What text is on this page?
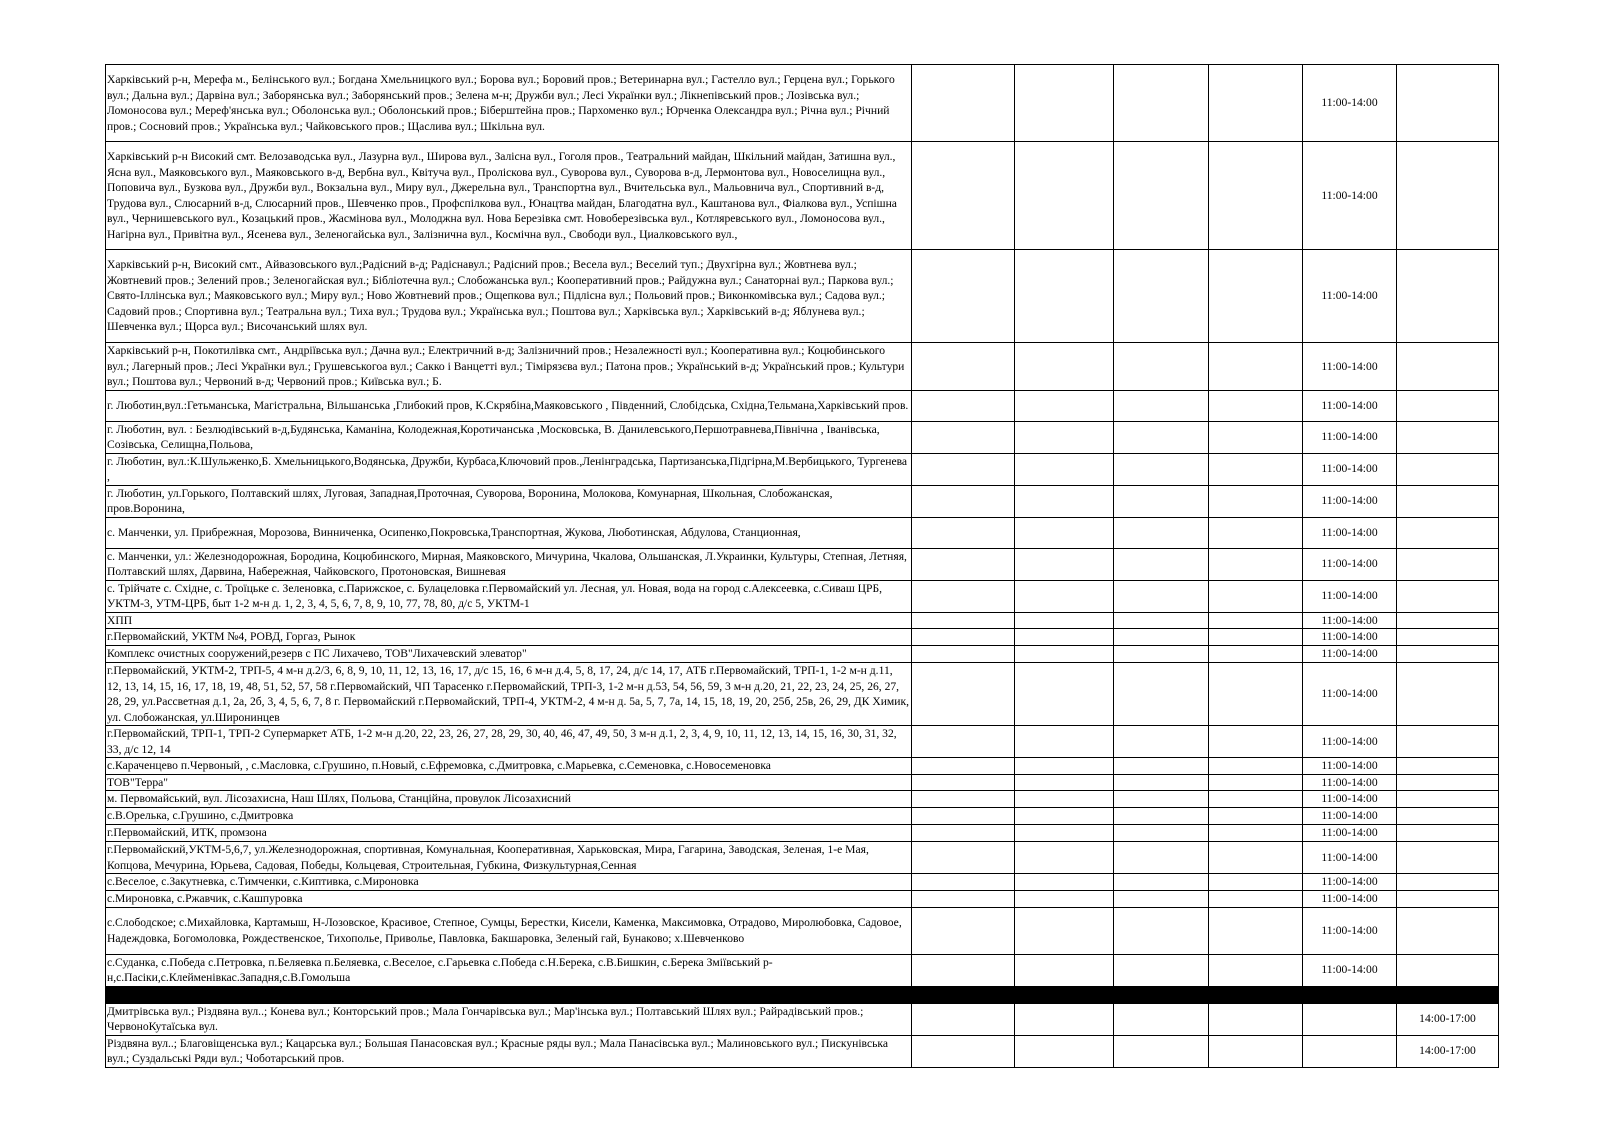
Харківський р-н, Мерефа м., Белінського вул.; Богдана Хмельницкого вул.; Борова вул.; Боровий пров.; Ветеринарна вул.; Гастелло вул.; Герцена вул.; Горького вул.; Дальна вул.; Дарвіна вул.; Заборянська вул.; Заборянський пров.; Зелена м-н; Дружби вул.; Лесі Українки вул.; Лікнепівський пров.; Лозівська вул.; Ломоносова вул.; Мереф'янська вул.; Оболонська вул.; Оболонський пров.; Біберштейна пров.; Пархоменко вул.; Юрченка Олександра вул.; Річна вул.; Річний пров.; Сосновий пров.; Українська вул.; Чайковського пров.; Щаслива вул.; Шкільна вул.					11:00-14:00	
Харківський р-н Високий смт. Велозаводська вул., Лазурна вул., Широва вул., Заліснa вул., Гоголя пров., Театральний майдан, Шкільний майдан, Затишна вул., Ясна вул., Маяковського вул., Маяковського в-д, Вербна вул., Квітуча вул., Пролісковa вул., Суворова вул., Суворова в-д, Лермонтова вул., Новоселищна вул., Поповича вул., Бузкова вул., Дружби вул., Вокзальна вул., Миру вул., Джерельна вул., Транспортна вул., Вчительська вул., Мальовнича вул., Спортивний в-д, Трудова вул., Слюсарний в-д, Слюсарний пров., Шевченко пров., Профспілкова вул., Юнацтва майдан, Благодатна вул., Каштанова вул., Фіалкова вул., Успішна вул., Чернишевського вул., Козацький пров., Жасмінова вул., Молоджна вул. Нова Березівка смт. Новоберезівська вул., Котляревського вул., Ломоносова вул., Нагірна вул., Привітна вул., Ясенева вул., Зеленогайська вул., Залізнична вул., Космічна вул., Свободи вул., Циалковського вул.,					11:00-14:00	
Харківський р-н, Високий смт., Айвазовського вул.;Радісний в-д; Радіснавул.; Радісний пров.; Весела вул.; Веселий туп.; Двухгірна вул.; Жовтнева вул.; Жовтневий пров.; Зелений пров.; Зеленогайская вул.; Бібліотечна вул.; Слобожанська вул.; Кооперативний пров.; Райдужна вул.; Санаторнаі вул.; Паркова вул.; Свято-Іллінська вул.; Маяковського вул.; Миру вул.; Ново Жовтневий пров.; Ощепкова вул.; Підлісна вул.; Польовий пров.; Виконкомівська вул.; Садова вул.; Садовий пров.; Спортивна вул.; Театральна вул.; Тиха вул.; Трудова вул.; Українська вул.; Поштова вул.; Харківська вул.; Харківський в-д; Яблунева вул.; Шевченка вул.; Щорса вул.; Височанський шлях вул.					11:00-14:00	
Харківський р-н, Покотилівка смт., Андріївська вул.; Дачна вул.; Електричний в-д; Залізничний пров.; Незалежності вул.; Кооперативна вул.; Коцюбинського вул.; Лагерный пров.; Лесі Українки вул.; Грушевськогоа вул.; Сакко і Ванцетті вул.; Тімірязєва вул.; Патона пров.; Український в-д; Український пров.; Культури вул.; Поштова вул.; Червоний в-д; Червоний пров.; Київська вул.; Б.					11:00-14:00	
г. Люботин,вул.:Гетьманська, Магістральна, Вільшанська ,Глибокий пров, К.Скрябіна,Маяковського , Південний, Слобідська, Східна,Тельмана,Харківський пров.					11:00-14:00	
г. Люботин, вул. : Безлюдівський в-д,Будянська, Каманіна, Колодежная,Коротичанська ,Московська, В. Данилевського,Першотравнева,Північна , Іванівська, Созівська, Селищна,Польова,					11:00-14:00	
г. Люботин, вул.:К.Шульженко,Б. Хмельницького,Водянська, Дружби, Курбаса,Ключовий пров.,Ленінградська, Партизанська,Підгірна,М.Вербицького, Тургенева ,					11:00-14:00	
г. Люботин, ул.Горького, Полтавский шлях, Луговая, Западная,Проточная, Суворова, Воронина, Молокова, Комунарная, Школьная, Слобожанская, пров.Воронина,					11:00-14:00	
с. Манченки, ул. Прибрежная, Морозова, Винниченка, Осипенко,Покровська,Транспортная, Жукова, Люботинская, Абдулова, Станционная,					11:00-14:00	
с. Манченки, ул.: Железнодорожная, Бородина, Коцюбинского, Мирная, Маяковского, Мичурина, Чкалова, Ольшанская, Л.Украинки, Культуры, Степная, Летняя, Полтавский шлях, Дарвина, Набережная, Чайковского, Протоновская, Вишневая					11:00-14:00	
с. Трійчате с. Східне, с. Троїцьке с. Зеленовка, с.Парижское, с. Булацеловка г.Первомайский ул. Лесная, ул. Новая, вода на город с.Алексеевка, с.Сиваш ЦРБ, УКТМ-3, УТМ-ЦРБ, быт 1-2 м-н д. 1, 2, 3, 4, 5, 6, 7, 8, 9, 10, 77, 78, 80, д/с 5, УКТМ-1					11:00-14:00	
ХПП					11:00-14:00	
г.Первомайский, УКТМ №4, РОВД, Горгаз, Рынок					11:00-14:00	
Комплекс очистных сооружений,резерв с ПС Лихачево, ТОВ"Лихачевский элеватор"					11:00-14:00	
г.Первомайский, УКТМ-2, ТРП-5, 4 м-н д.2/3, 6, 8, 9, 10, 11, 12, 13, 16, 17, д/с 15, 16, 6 м-н д.4, 5, 8, 17, 24, д/с 14, 17, АТБ г.Первомайский, ТРП-1, 1-2 м-н д.11, 12, 13, 14, 15, 16, 17, 18, 19, 48, 51, 52, 57, 58 г.Первомайский, ЧП Тарасенко г.Первомайский, ТРП-3, 1-2 м-н д.53, 54, 56, 59, 3 м-н д.20, 21, 22, 23, 24, 25, 26, 27, 28, 29, ул.Рассветная д.1, 2а, 2б, 3, 4, 5, 6, 7, 8 г. Первомайский г.Первомайский, ТРП-4, УКТМ-2, 4 м-н д. 5а, 5, 7, 7а, 14, 15, 18, 19, 20, 25б, 25в, 26, 29, ДК Химик, ул. Слобожанская, ул.Широнинцев					11:00-14:00	
г.Первомайский, ТРП-1, ТРП-2 Супермаркет АТБ, 1-2 м-н д.20, 22, 23, 26, 27, 28, 29, 30, 40, 46, 47, 49, 50, 3 м-н д.1, 2, 3, 4, 9, 10, 11, 12, 13, 14, 15, 16, 30, 31, 32, 33, д/с 12, 14					11:00-14:00	
с.Караченцево п.Червоный, , с.Масловка, с.Грушино, п.Новый, с.Ефремовка, с.Дмитровка, с.Марьевка, с.Семеновка, с.Новосеменовка					11:00-14:00	
ТОВ"Терра"					11:00-14:00	
м. Первомайський, вул. Лісозахисна, Наш Шлях, Польова, Станційна, провулок Лісозахисний					11:00-14:00	
с.В.Орелька, с.Грушино, с.Дмитровка					11:00-14:00	
г.Первомайский, ИТК, промзона					11:00-14:00	
г.Первомайский,УКТМ-5,6,7, ул.Железнодорожная, спортивная, Комунальная, Кооперативная, Харьковская, Мира, Гагарина, Заводская, Зеленая, 1-е Мая, Копцова, Мечурина, Юрьева, Садовая, Победы, Кольцевая, Строительная, Губкина, Физкультурная,Сенная					11:00-14:00	
с.Веселое, с.Закутневка, с.Тимченки, с.Киптивка, с.Мироновка					11:00-14:00	
с.Мироновка, с.Ржавчик, с.Кашпуровка					11:00-14:00	
с.Слободское; с.Михайловка, Картамыш, Н-Лозовское, Красивое, Степное, Сумцы, Берестки, Кисели, Каменка, Максимовка, Отрадово, Миролюбовка, Садовое, Надеждовка, Богомоловка, Рождественское, Тихополье, Приволье, Павловка, Бакшаровка, Зеленый гай, Бунаково; х.Шевченково					11:00-14:00	
с.Суданка, с.Победа с.Петровка, п.Беляевка п.Беляевка, с.Веселое, с.Гарьевка с.Победа с.Н.Берека, с.В.Бишкин, с.Берека Зміївський р-н,с.Пасіки,с.Клейменівкас.Западня,с.В.Гомольша					11:00-14:00	

Дмитрівська вул.; Різдвяна вул..; Конева вул.; Конторський пров.; Мала Гончарівська вул.; Мар'інська вул.; Полтавський Шлях вул.; Райрадівський пров.; ЧервоноКутаїська вул.						14:00-17:00
Різдвяна вул..; Благовіщенська вул.; Кацарська вул.; Большая Панасовская вул.; Красные ряды вул.; Мала Панасівська вул.; Малиновського вул.; Пискунівська вул.; Суздальські Ряди вул.; Чоботарський пров.						14:00-17:00
